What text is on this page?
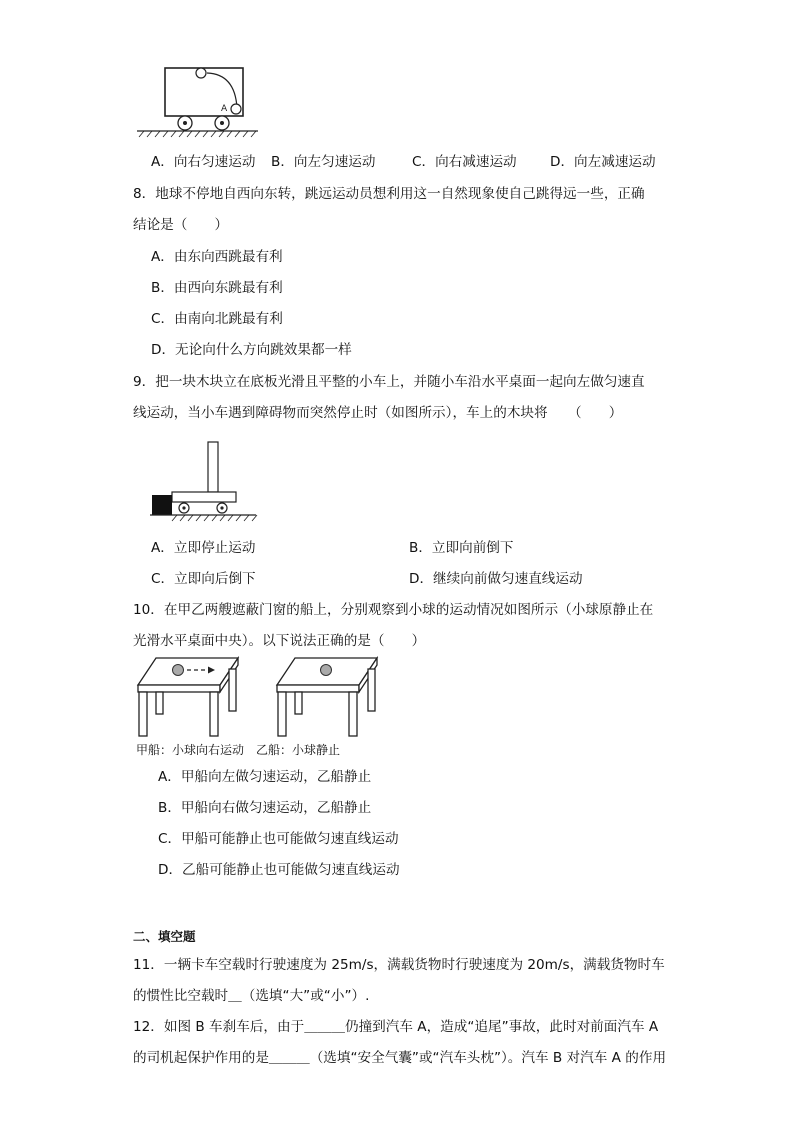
A
A．向右匀速运动 B．向左匀速运动	C．向右减速运动 D．向左减速运动
8．地球不停地自西向东转，跳远运动员想利用这一自然现象使自己跳得远一些，正确
结论是（　　）
A．由东向西跳最有利
B．由西向东跳最有利
C．由南向北跳最有利
D．无论向什么方向跳效果都一样
9．把一块木块立在底板光滑且平整的小车上，并随小车沿水平桌面一起向左做匀速直
线运动，当小车遇到障碍物而突然停止时（如图所示），车上的木块将　　（　　）
A．立即停止运动	B．立即向前倒下
C．立即向后倒下	D．继续向前做匀速直线运动
10．在甲乙两艘遮蔽门窗的船上，分别观察到小球的运动情况如图所示（小球原静止在
光滑水平桌面中央）。以下说法正确的是（　　）
甲船：小球向右运动　乙船：小球静止
A．甲船向左做匀速运动，乙船静止
B．甲船向右做匀速运动，乙船静止
C．甲船可能静止也可能做匀速直线运动
D．乙船可能静止也可能做匀速直线运动
二、填空题
11．一辆卡车空载时行驶速度为 25m/s，满载货物时行驶速度为 20m/s，满载货物时车
的惯性比空载时＿（选填“大”或“小”）.
12．如图 B 车刹车后，由于＿＿＿仍撞到汽车 A，造成“追尾”事故，此时对前面汽车 A
的司机起保护作用的是＿＿＿（选填“安全气囊”或“汽车头枕”）。汽车 B 对汽车 A 的作用
